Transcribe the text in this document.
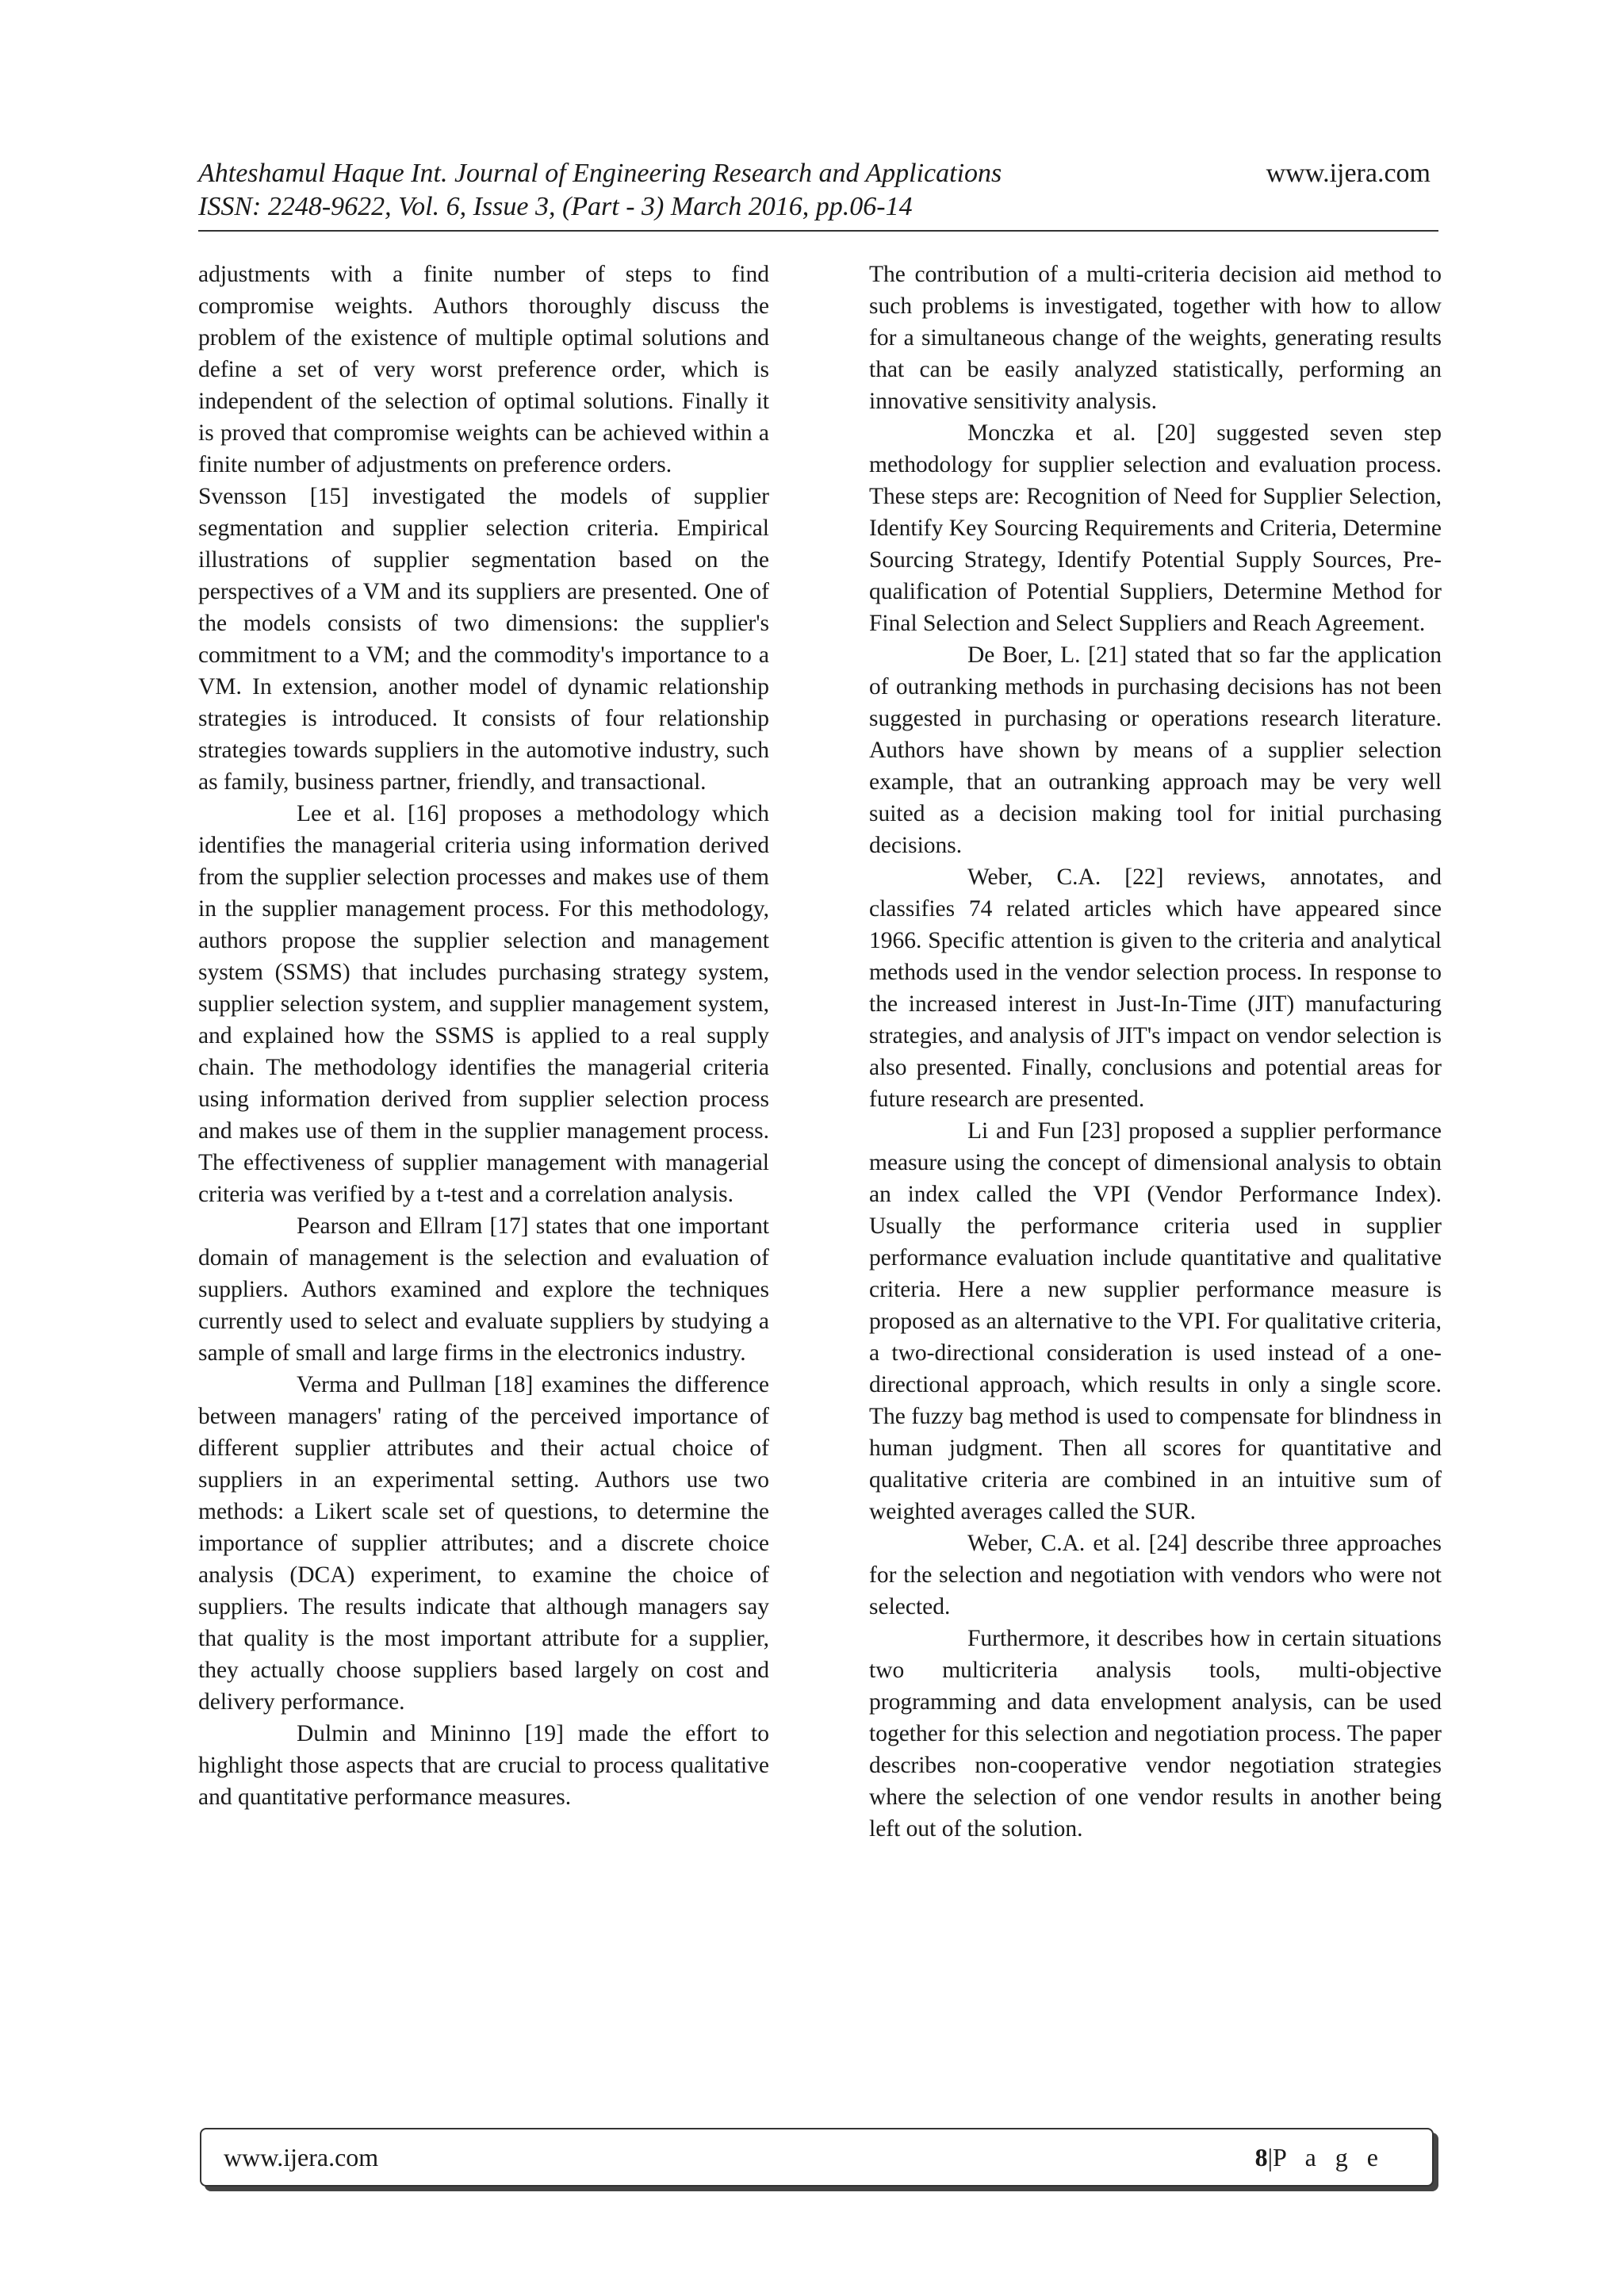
Ahteshamul Haque Int. Journal of Engineering Research and Applications
ISSN: 2248-9622, Vol. 6, Issue 3, (Part - 3) March 2016, pp.06-14
www.ijera.com

adjustments with a finite number of steps to find compromise weights. Authors thoroughly discuss the problem of the existence of multiple optimal solutions and define a set of very worst preference order, which is independent of the selection of optimal solutions. Finally it is proved that compromise weights can be achieved within a finite number of adjustments on preference orders.

Svensson [15] investigated the models of supplier segmentation and supplier selection criteria. Empirical illustrations of supplier segmentation based on the perspectives of a VM and its suppliers are presented. One of the models consists of two dimensions: the supplier's commitment to a VM; and the commodity's importance to a VM. In extension, another model of dynamic relationship strategies is introduced. It consists of four relationship strategies towards suppliers in the automotive industry, such as family, business partner, friendly, and transactional.

Lee et al. [16] proposes a methodology which identifies the managerial criteria using information derived from the supplier selection processes and makes use of them in the supplier management process. For this methodology, authors propose the supplier selection and management system (SSMS) that includes purchasing strategy system, supplier selection system, and supplier management system, and explained how the SSMS is applied to a real supply chain. The methodology identifies the managerial criteria using information derived from supplier selection process and makes use of them in the supplier management process. The effectiveness of supplier management with managerial criteria was verified by a t-test and a correlation analysis.

Pearson and Ellram [17] states that one important domain of management is the selection and evaluation of suppliers. Authors examined and explore the techniques currently used to select and evaluate suppliers by studying a sample of small and large firms in the electronics industry.

Verma and Pullman [18] examines the difference between managers' rating of the perceived importance of different supplier attributes and their actual choice of suppliers in an experimental setting. Authors use two methods: a Likert scale set of questions, to determine the importance of supplier attributes; and a discrete choice analysis (DCA) experiment, to examine the choice of suppliers. The results indicate that although managers say that quality is the most important attribute for a supplier, they actually choose suppliers based largely on cost and delivery performance.

Dulmin and Mininno [19] made the effort to highlight those aspects that are crucial to process qualitative and quantitative performance measures.

The contribution of a multi-criteria decision aid method to such problems is investigated, together with how to allow for a simultaneous change of the weights, generating results that can be easily analyzed statistically, performing an innovative sensitivity analysis.

Monczka et al. [20] suggested seven step methodology for supplier selection and evaluation process. These steps are: Recognition of Need for Supplier Selection, Identify Key Sourcing Requirements and Criteria, Determine Sourcing Strategy, Identify Potential Supply Sources, Pre-qualification of Potential Suppliers, Determine Method for Final Selection and Select Suppliers and Reach Agreement.

De Boer, L. [21] stated that so far the application of outranking methods in purchasing decisions has not been suggested in purchasing or operations research literature. Authors have shown by means of a supplier selection example, that an outranking approach may be very well suited as a decision making tool for initial purchasing decisions.

Weber, C.A. [22] reviews, annotates, and classifies 74 related articles which have appeared since 1966. Specific attention is given to the criteria and analytical methods used in the vendor selection process. In response to the increased interest in Just-In-Time (JIT) manufacturing strategies, and analysis of JIT's impact on vendor selection is also presented. Finally, conclusions and potential areas for future research are presented.

Li and Fun [23] proposed a supplier performance measure using the concept of dimensional analysis to obtain an index called the VPI (Vendor Performance Index). Usually the performance criteria used in supplier performance evaluation include quantitative and qualitative criteria. Here a new supplier performance measure is proposed as an alternative to the VPI. For qualitative criteria, a two-directional consideration is used instead of a one-directional approach, which results in only a single score. The fuzzy bag method is used to compensate for blindness in human judgment. Then all scores for quantitative and qualitative criteria are combined in an intuitive sum of weighted averages called the SUR.

Weber, C.A. et al. [24] describe three approaches for the selection and negotiation with vendors who were not selected.

Furthermore, it describes how in certain situations two multicriteria analysis tools, multi-objective programming and data envelopment analysis, can be used together for this selection and negotiation process. The paper describes non-cooperative vendor negotiation strategies where the selection of one vendor results in another being left out of the solution.

www.ijera.com	8|P a g e
